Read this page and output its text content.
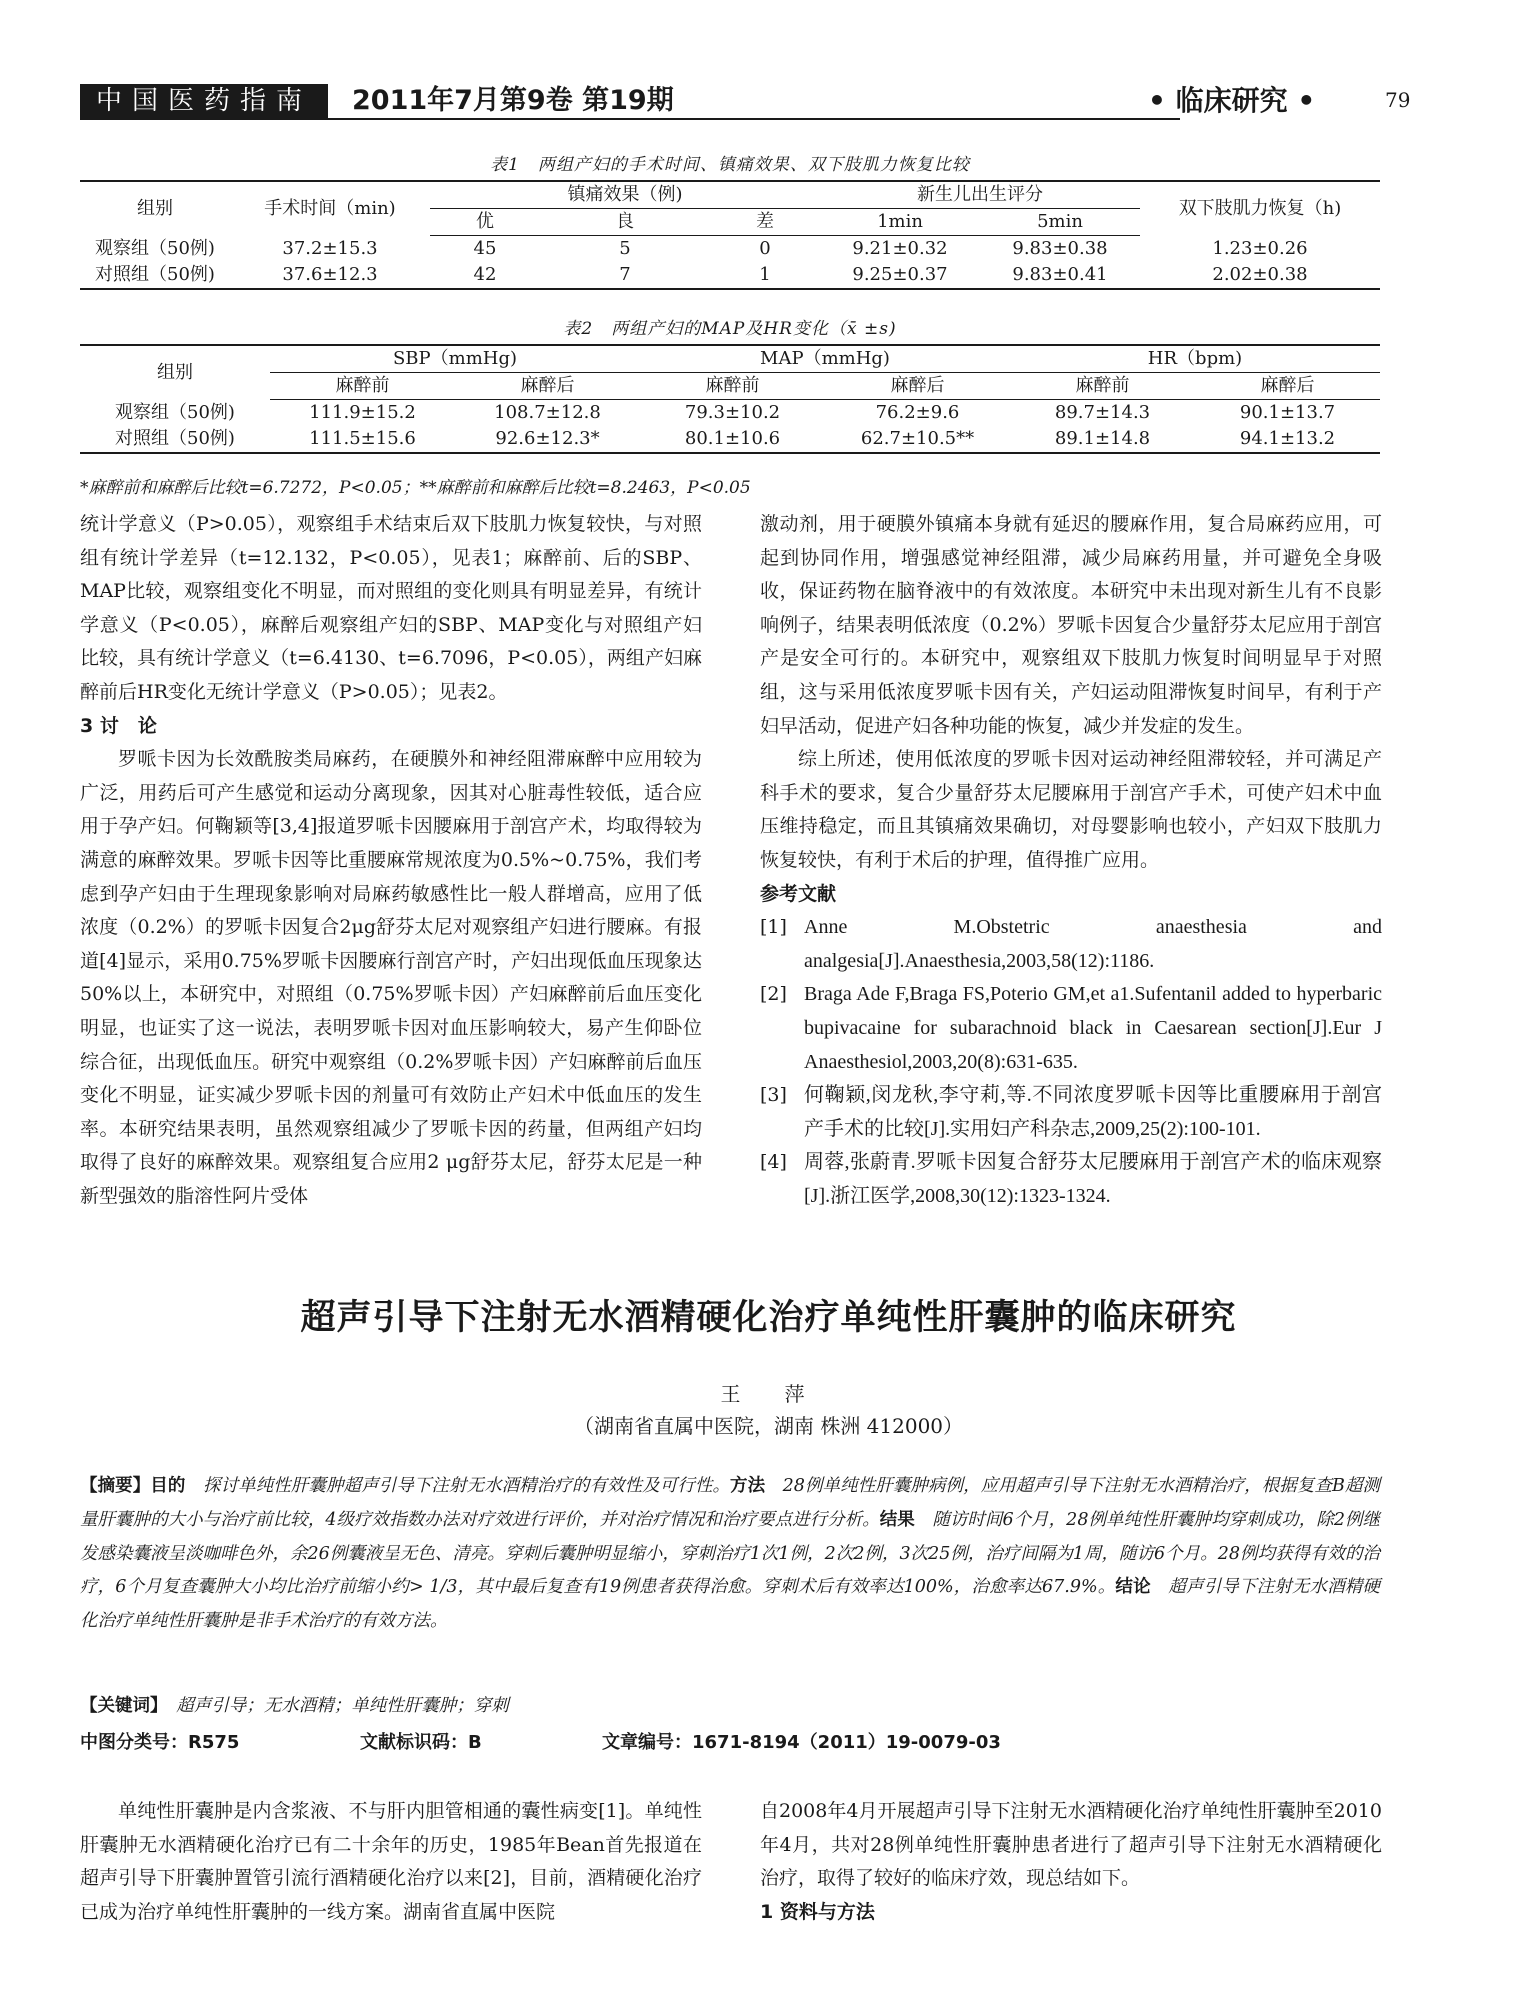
中国医药指南	2011年7月第9卷 第19期	• 临床研究 •	79
表1　两组产妇的手术时间、镇痛效果、双下肢肌力恢复比较
组别	手术时间（min)	镇痛效果（例)			新生儿出生评分		双下肢肌力恢复（h)
		优	良	差	1min	5min	
观察组（50例)	37.2±15.3	45	5	0	9.21±0.32	9.83±0.38	1.23±0.26
对照组（50例)	37.6±12.3	42	7	1	9.25±0.37	9.83±0.41	2.02±0.38
表2　两组产妇的MAP及HR变化（x̄ ±s)
组别	SBP（mmHg)		MAP（mmHg)		HR（bpm)	
	麻醉前	麻醉后	麻醉前	麻醉后	麻醉前	麻醉后
观察组（50例)	111.9±15.2	108.7±12.8	79.3±10.2	76.2±9.6	89.7±14.3	90.1±13.7
对照组（50例)	111.5±15.6	92.6±12.3*	80.1±10.6	62.7±10.5**	89.1±14.8	94.1±13.2
*麻醉前和麻醉后比较t=6.7272，P<0.05；**麻醉前和麻醉后比较t=8.2463，P<0.05

统计学意义（P>0.05），观察组手术结束后双下肢肌力恢复较快，与对照组有统计学差异（t=12.132，P<0.05），见表1；麻醉前、后的SBP、MAP比较，观察组变化不明显，而对照组的变化则具有明显差异，有统计学意义（P<0.05），麻醉后观察组产妇的SBP、MAP变化与对照组产妇比较，具有统计学意义（t=6.4130、t=6.7096，P<0.05），两组产妇麻醉前后HR变化无统计学意义（P>0.05）；见表2。

3 讨　论

罗哌卡因为长效酰胺类局麻药，在硬膜外和神经阻滞麻醉中应用较为广泛，用药后可产生感觉和运动分离现象，因其对心脏毒性较低，适合应用于孕产妇。何鞠颖等[3,4]报道罗哌卡因腰麻用于剖宫产术，均取得较为满意的麻醉效果。罗哌卡因等比重腰麻常规浓度为0.5%~0.75%，我们考虑到孕产妇由于生理现象影响对局麻药敏感性比一般人群增高，应用了低浓度（0.2%）的罗哌卡因复合2μg舒芬太尼对观察组产妇进行腰麻。有报道[4]显示，采用0.75%罗哌卡因腰麻行剖宫产时，产妇出现低血压现象达50%以上，本研究中，对照组（0.75%罗哌卡因）产妇麻醉前后血压变化明显，也证实了这一说法，表明罗哌卡因对血压影响较大，易产生仰卧位综合征，出现低血压。研究中观察组（0.2%罗哌卡因）产妇麻醉前后血压变化不明显，证实减少罗哌卡因的剂量可有效防止产妇术中低血压的发生率。本研究结果表明，虽然观察组减少了罗哌卡因的药量，但两组产妇均取得了良好的麻醉效果。观察组复合应用2 μg舒芬太尼，舒芬太尼是一种新型强效的脂溶性阿片受体

激动剂，用于硬膜外镇痛本身就有延迟的腰麻作用，复合局麻药应用，可起到协同作用，增强感觉神经阻滞，减少局麻药用量，并可避免全身吸收，保证药物在脑脊液中的有效浓度。本研究中未出现对新生儿有不良影响例子，结果表明低浓度（0.2%）罗哌卡因复合少量舒芬太尼应用于剖宫产是安全可行的。本研究中，观察组双下肢肌力恢复时间明显早于对照组，这与采用低浓度罗哌卡因有关，产妇运动阻滞恢复时间早，有利于产妇早活动，促进产妇各种功能的恢复，减少并发症的发生。

综上所述，使用低浓度的罗哌卡因对运动神经阻滞较轻，并可满足产科手术的要求，复合少量舒芬太尼腰麻用于剖宫产手术，可使产妇术中血压维持稳定，而且其镇痛效果确切，对母婴影响也较小，产妇双下肢肌力恢复较快，有利于术后的护理，值得推广应用。

参考文献

[1] Anne M.Obstetric anaesthesia and analgesia[J].Anaesthesia,2003,58(12):1186.
[2] Braga Ade F,Braga FS,Poterio GM,et a1.Sufentanil added to hyperbaric bupivacaine for subarachnoid black in Caesarean section[J].Eur J Anaesthesiol,2003,20(8):631-635.
[3] 何鞠颖,闵龙秋,李守莉,等.不同浓度罗哌卡因等比重腰麻用于剖宫产手术的比较[J].实用妇产科杂志,2009,25(2):100-101.
[4] 周蓉,张蔚青.罗哌卡因复合舒芬太尼腰麻用于剖宫产术的临床观察[J].浙江医学,2008,30(12):1323-1324.
超声引导下注射无水酒精硬化治疗单纯性肝囊肿的临床研究
王　萍
（湖南省直属中医院，湖南 株洲 412000）
【摘要】目的  探讨单纯性肝囊肿超声引导下注射无水酒精治疗的有效性及可行性。方法  28例单纯性肝囊肿病例，应用超声引导下注射无水酒精治疗，根据复查B超测量肝囊肿的大小与治疗前比较，4级疗效指数办法对疗效进行评价，并对治疗情况和治疗要点进行分析。结果  随访时间6个月，28例单纯性肝囊肿均穿刺成功，除2例继发感染囊液呈淡咖啡色外，余26例囊液呈无色、清亮。穿刺后囊肿明显缩小，穿刺治疗1次1例，2次2例，3次25例，治疗间隔为1周，随访6个月。28例均获得有效的治疗，6个月复查囊肿大小均比治疗前缩小约> 1/3，其中最后复查有19例患者获得治愈。穿刺术后有效率达100%，治愈率达67.9%。结论  超声引导下注射无水酒精硬化治疗单纯性肝囊肿是非手术治疗的有效方法。
【关键词】  超声引导；无水酒精；单纯性肝囊肿；穿刺
中图分类号：R575	文献标识码：B	文章编号：1671-8194（2011）19-0079-03

单纯性肝囊肿是内含浆液、不与肝内胆管相通的囊性病变[1]。单纯性肝囊肿无水酒精硬化治疗已有二十余年的历史，1985年Bean首先报道在超声引导下肝囊肿置管引流行酒精硬化治疗以来[2]，目前，酒精硬化治疗已成为治疗单纯性肝囊肿的一线方案。湖南省直属中医院

自2008年4月开展超声引导下注射无水酒精硬化治疗单纯性肝囊肿至2010年4月，共对28例单纯性肝囊肿患者进行了超声引导下注射无水酒精硬化治疗，取得了较好的临床疗效，现总结如下。

1 资料与方法
